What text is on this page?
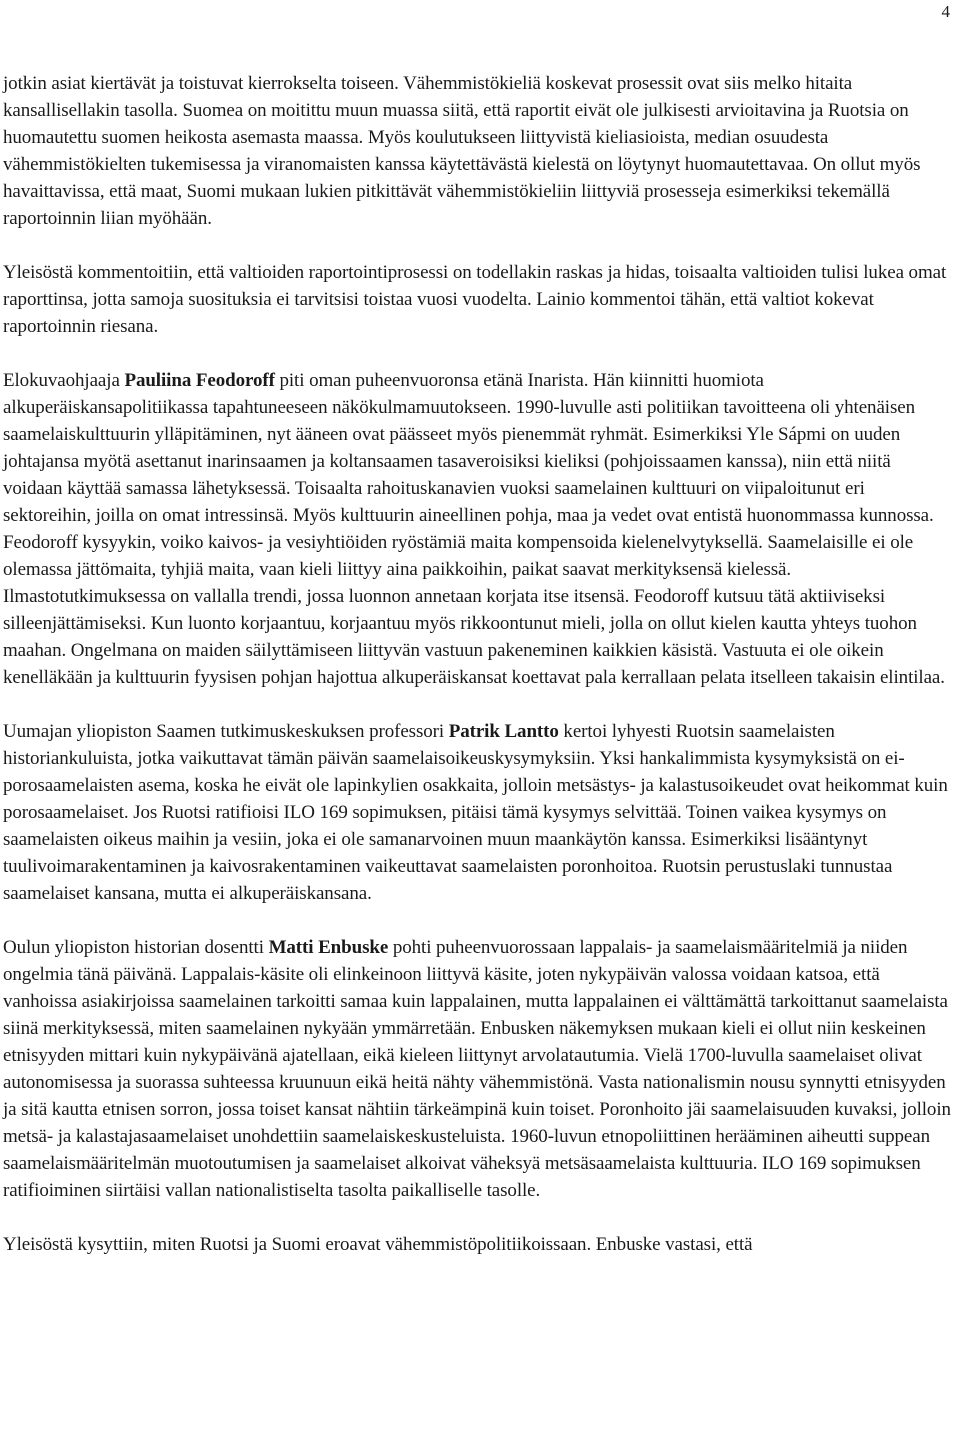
4

jotkin asiat kiertävät ja toistuvat kierrokselta toiseen. Vähemmistökieliä koskevat prosessit ovat siis melko hitaita kansallisellakin tasolla. Suomea on moitittu muun muassa siitä, että raportit eivät ole julkisesti arvioitavina ja Ruotsia on huomautettu suomen heikosta asemasta maassa. Myös koulutukseen liittyvistä kieliasioista, median osuudesta vähemmistökielten tukemisessa ja viranomaisten kanssa käytettävästä kielestä on löytynyt huomautettavaa. On ollut myös havaittavissa, että maat, Suomi mukaan lukien pitkittävät vähemmistökieliin liittyviä prosesseja esimerkiksi tekemällä raportoinnin liian myöhään.

Yleisöstä kommentoitiin, että valtioiden raportointiprosessi on todellakin raskas ja hidas, toisaalta valtioiden tulisi lukea omat raporttinsa, jotta samoja suosituksia ei tarvitsisi toistaa vuosi vuodelta. Lainio kommentoi tähän, että valtiot kokevat raportoinnin riesana.

Elokuvaohjaaja Pauliina Feodoroff piti oman puheenvuoronsa etänä Inarista. Hän kiinnitti huomiota alkuperäiskansapolitiikassa tapahtuneeseen näkökulmamuutokseen. 1990-luvulle asti politiikan tavoitteena oli yhtenäisen saamelaiskulttuurin ylläpitäminen, nyt ääneen ovat päässeet myös pienemmät ryhmät. Esimerkiksi Yle Sápmi on uuden johtajansa myötä asettanut inarinsaamen ja koltansaamen tasaveroisiksi kieliksi (pohjoissaamen kanssa), niin että niitä voidaan käyttää samassa lähetyksessä. Toisaalta rahoituskanavien vuoksi saamelainen kulttuuri on viipaloitunut eri sektoreihin, joilla on omat intressinsä. Myös kulttuurin aineellinen pohja, maa ja vedet ovat entistä huonommassa kunnossa. Feodoroff kysyykin, voiko kaivos- ja vesiyhtiöiden ryöstämiä maita kompensoida kielenelvytyksellä. Saamelaisille ei ole olemassa jättömaita, tyhjiä maita, vaan kieli liittyy aina paikkoihin, paikat saavat merkityksensä kielessä. Ilmastotutkimuksessa on vallalla trendi, jossa luonnon annetaan korjata itse itsensä. Feodoroff kutsuu tätä aktiiviseksi silleenjättämiseksi. Kun luonto korjaantuu, korjaantuu myös rikkoontunut mieli, jolla on ollut kielen kautta yhteys tuohon maahan. Ongelmana on maiden säilyttämiseen liittyvän vastuun pakeneminen kaikkien käsistä. Vastuuta ei ole oikein kenelläkään ja kulttuurin fyysisen pohjan hajottua alkuperäiskansat koettavat pala kerrallaan pelata itselleen takaisin elintilaa.

Uumajan yliopiston Saamen tutkimuskeskuksen professori Patrik Lantto kertoi lyhyesti Ruotsin saamelaisten historiankuluista, jotka vaikuttavat tämän päivän saamelaisoikeuskysymyksiin. Yksi hankalimmista kysymyksistä on ei-porosaamelaisten asema, koska he eivät ole lapinkylien osakkaita, jolloin metsästys- ja kalastusoikeudet ovat heikommat kuin porosaamelaiset. Jos Ruotsi ratifioisi ILO 169 sopimuksen, pitäisi tämä kysymys selvittää. Toinen vaikea kysymys on saamelaisten oikeus maihin ja vesiin, joka ei ole samanarvoinen muun maankäytön kanssa. Esimerkiksi lisääntynyt tuulivoimarakentaminen ja kaivosrakentaminen vaikeuttavat saamelaisten poronhoitoa. Ruotsin perustuslaki tunnustaa saamelaiset kansana, mutta ei alkuperäiskansana.

Oulun yliopiston historian dosentti Matti Enbuske pohti puheenvuorossaan lappalais- ja saamelaismääritelmiä ja niiden ongelmia tänä päivänä. Lappalais-käsite oli elinkeinoon liittyvä käsite, joten nykypäivän valossa voidaan katsoa, että vanhoissa asiakirjoissa saamelainen tarkoitti samaa kuin lappalainen, mutta lappalainen ei välttämättä tarkoittanut saamelaista siinä merkityksessä, miten saamelainen nykyään ymmärretään. Enbusken näkemyksen mukaan kieli ei ollut niin keskeinen etnisyyden mittari kuin nykypäivänä ajatellaan, eikä kieleen liittynyt arvolatautumia. Vielä 1700-luvulla saamelaiset olivat autonomisessa ja suorassa suhteessa kruunuun eikä heitä nähty vähemmistönä. Vasta nationalismin nousu synnytti etnisyyden ja sitä kautta etnisen sorron, jossa toiset kansat nähtiin tärkeämpinä kuin toiset. Poronhoito jäi saamelaisuuden kuvaksi, jolloin metsä- ja kalastajasaamelaiset unohdettiin saamelaiskeskusteluista. 1960-luvun etnopoliittinen herääminen aiheutti suppean saamelaismääritelmän muotoutumisen ja saamelaiset alkoivat väheksyä metsäsaamelaista kulttuuria. ILO 169 sopimuksen ratifioiminen siirtäisi vallan nationalistiselta tasolta paikalliselle tasolle.

Yleisöstä kysyttiin, miten Ruotsi ja Suomi eroavat vähemmistöpolitiikoissaan. Enbuske vastasi, että
